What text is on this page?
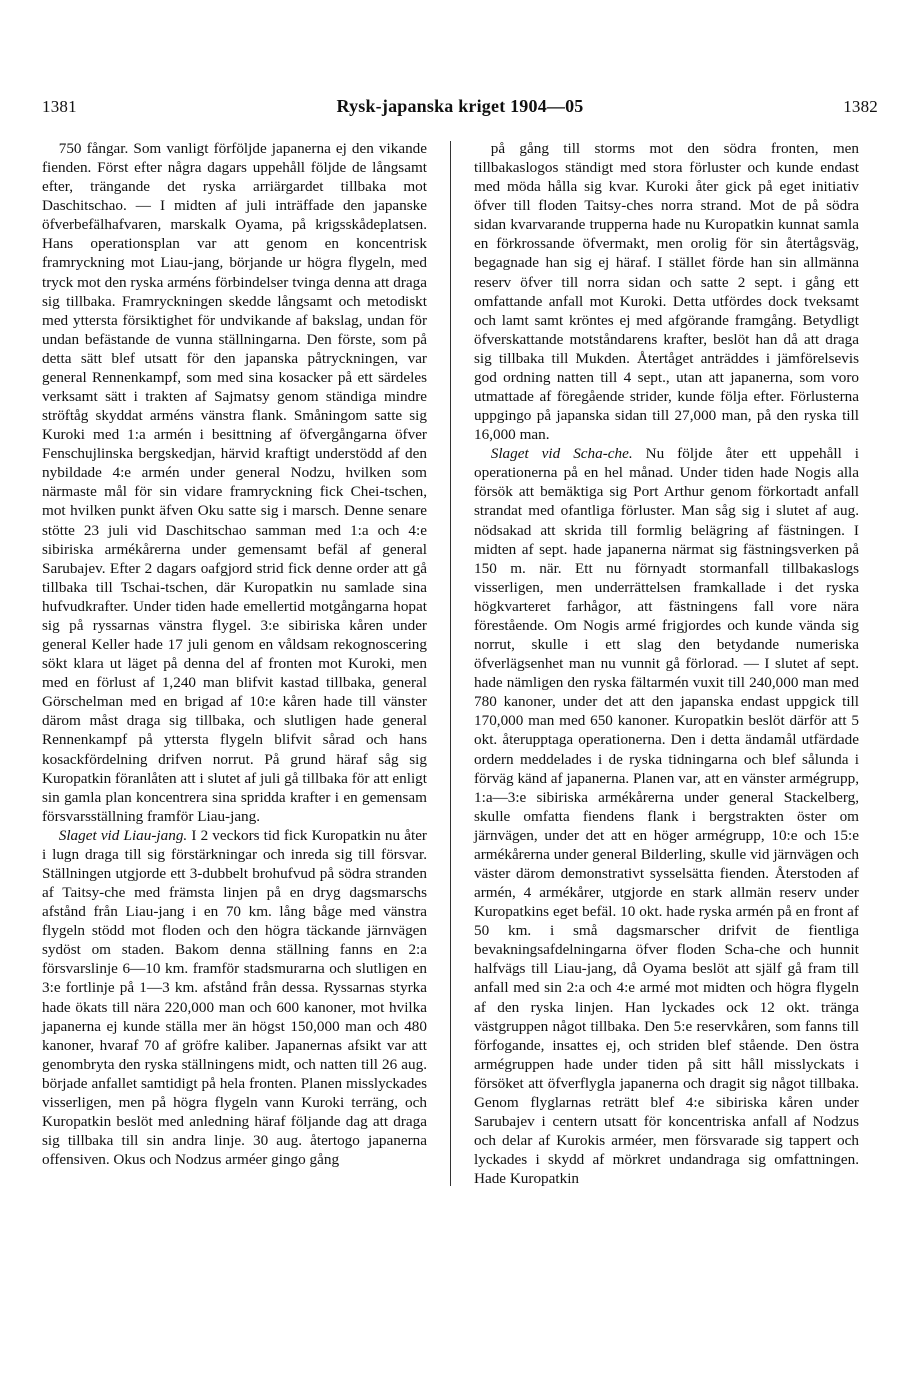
1381	Rysk-japanska kriget 1904—05	1382

750 fångar. Som vanligt förföljde japanerna ej den vikande fienden. Först efter några dagars uppehåll följde de långsamt efter, trängande det ryska arriärgardet tillbaka mot Daschitschao. — I midten af juli inträffade den japanske öfverbefälhafvaren, marskalk Oyama, på krigsskådeplatsen. Hans operationsplan var att genom en koncentrisk framryckning mot Liau-jang, börjande ur högra flygeln, med tryck mot den ryska arméns förbindelser tvinga denna att draga sig tillbaka. Framryckningen skedde långsamt och metodiskt med yttersta försiktighet för undvikande af bakslag, undan för undan befästande de vunna ställningarna. Den förste, som på detta sätt blef utsatt för den japanska påtryckningen, var general Rennenkampf, som med sina kosacker på ett särdeles verksamt sätt i trakten af Sajmatsy genom ständiga mindre ströftåg skyddat arméns vänstra flank. Småningom satte sig Kuroki med 1:a armén i besittning af öfvergångarna öfver Fenschujlinska bergskedjan, härvid kraftigt understödd af den nybildade 4:e armén under general Nodzu, hvilken som närmaste mål för sin vidare framryckning fick Chei-tschen, mot hvilken punkt äfven Oku satte sig i marsch. Denne senare stötte 23 juli vid Daschitschao samman med 1:a och 4:e sibiriska armékårerna under gemensamt befäl af general Sarubajev. Efter 2 dagars oafgjord strid fick denne order att gå tillbaka till Tschai-tschen, där Kuropatkin nu samlade sina hufvudkrafter. Under tiden hade emellertid motgångarna hopat sig på ryssarnas vänstra flygel. 3:e sibiriska kåren under general Keller hade 17 juli genom en våldsam rekognoscering sökt klara ut läget på denna del af fronten mot Kuroki, men med en förlust af 1,240 man blifvit kastad tillbaka, general Görschelman med en brigad af 10:e kåren hade till vänster därom måst draga sig tillbaka, och slutligen hade general Rennenkampf på yttersta flygeln blifvit sårad och hans kosackfördelning drifven norrut. På grund häraf såg sig Kuropatkin föranlåten att i slutet af juli gå tillbaka för att enligt sin gamla plan koncentrera sina spridda krafter i en gemensam försvarsställning framför Liau-jang.

Slaget vid Liau-jang. I 2 veckors tid fick Kuropatkin nu åter i lugn draga till sig förstärkningar och inreda sig till försvar. Ställningen utgjorde ett 3-dubbelt brohufvud på södra stranden af Taitsy-che med främsta linjen på en dryg dagsmarschs afstånd från Liau-jang i en 70 km. lång båge med vänstra flygeln stödd mot floden och den högra täckande järnvägen sydöst om staden. Bakom denna ställning fanns en 2:a försvarslinje 6—10 km. framför stadsmurarna och slutligen en 3:e fortlinje på 1—3 km. afstånd från dessa. Ryssarnas styrka hade ökats till nära 220,000 man och 600 kanoner, mot hvilka japanerna ej kunde ställa mer än högst 150,000 man och 480 kanoner, hvaraf 70 af gröfre kaliber. Japanernas afsikt var att genombryta den ryska ställningens midt, och natten till 26 aug. började anfallet samtidigt på hela fronten. Planen misslyckades visserligen, men på högra flygeln vann Kuroki terräng, och Kuropatkin beslöt med anledning häraf följande dag att draga sig tillbaka till sin andra linje. 30 aug. återtogo japanerna offensiven. Okus och Nodzus arméer gingo gång

på gång till storms mot den södra fronten, men tillbakaslogos ständigt med stora förluster och kunde endast med möda hålla sig kvar. Kuroki åter gick på eget initiativ öfver till floden Taitsy-ches norra strand. Mot de på södra sidan kvarvarande trupperna hade nu Kuropatkin kunnat samla en förkrossande öfvermakt, men orolig för sin återtågsväg, begagnade han sig ej häraf. I stället förde han sin allmänna reserv öfver till norra sidan och satte 2 sept. i gång ett omfattande anfall mot Kuroki. Detta utfördes dock tveksamt och lamt samt kröntes ej med afgörande framgång. Betydligt öfverskattande motståndarens krafter, beslöt han då att draga sig tillbaka till Mukden. Återtåget anträddes i jämförelsevis god ordning natten till 4 sept., utan att japanerna, som voro utmattade af föregående strider, kunde följa efter. Förlusterna uppgingo på japanska sidan till 27,000 man, på den ryska till 16,000 man.

Slaget vid Scha-che. Nu följde åter ett uppehåll i operationerna på en hel månad. Under tiden hade Nogis alla försök att bemäktiga sig Port Arthur genom förkortadt anfall strandat med ofantliga förluster. Man såg sig i slutet af aug. nödsakad att skrida till formlig belägring af fästningen. I midten af sept. hade japanerna närmat sig fästningsverken på 150 m. när. Ett nu förnyadt stormanfall tillbakaslogs visserligen, men underrättelsen framkallade i det ryska högkvarteret farhågor, att fästningens fall vore nära förestående. Om Nogis armé frigjordes och kunde vända sig norrut, skulle i ett slag den betydande numeriska öfverlägsenhet man nu vunnit gå förlorad. — I slutet af sept. hade nämligen den ryska fältarmén vuxit till 240,000 man med 780 kanoner, under det att den japanska endast uppgick till 170,000 man med 650 kanoner. Kuropatkin beslöt därför att 5 okt. återupptaga operationerna. Den i detta ändamål utfärdade ordern meddelades i de ryska tidningarna och blef sålunda i förväg känd af japanerna. Planen var, att en vänster armégrupp, 1:a—3:e sibiriska armékårerna under general Stackelberg, skulle omfatta fiendens flank i bergstrakten öster om järnvägen, under det att en höger armégrupp, 10:e och 15:e armékårerna under general Bilderling, skulle vid järnvägen och väster därom demonstrativt sysselsätta fienden. Återstoden af armén, 4 armékårer, utgjorde en stark allmän reserv under Kuropatkins eget befäl. 10 okt. hade ryska armén på en front af 50 km. i små dagsmarscher drifvit de fientliga bevakningsafdelningarna öfver floden Scha-che och hunnit halfvägs till Liau-jang, då Oyama beslöt att själf gå fram till anfall med sin 2:a och 4:e armé mot midten och högra flygeln af den ryska linjen. Han lyckades ock 12 okt. tränga västgruppen något tillbaka. Den 5:e reservkåren, som fanns till förfogande, insattes ej, och striden blef stående. Den östra armégruppen hade under tiden på sitt håll misslyckats i försöket att öfverflygla japanerna och dragit sig något tillbaka. Genom flyglarnas reträtt blef 4:e sibiriska kåren under Sarubajev i centern utsatt för koncentriska anfall af Nodzus och delar af Kurokis arméer, men försvarade sig tappert och lyckades i skydd af mörkret undandraga sig omfattningen. Hade Kuropatkin
